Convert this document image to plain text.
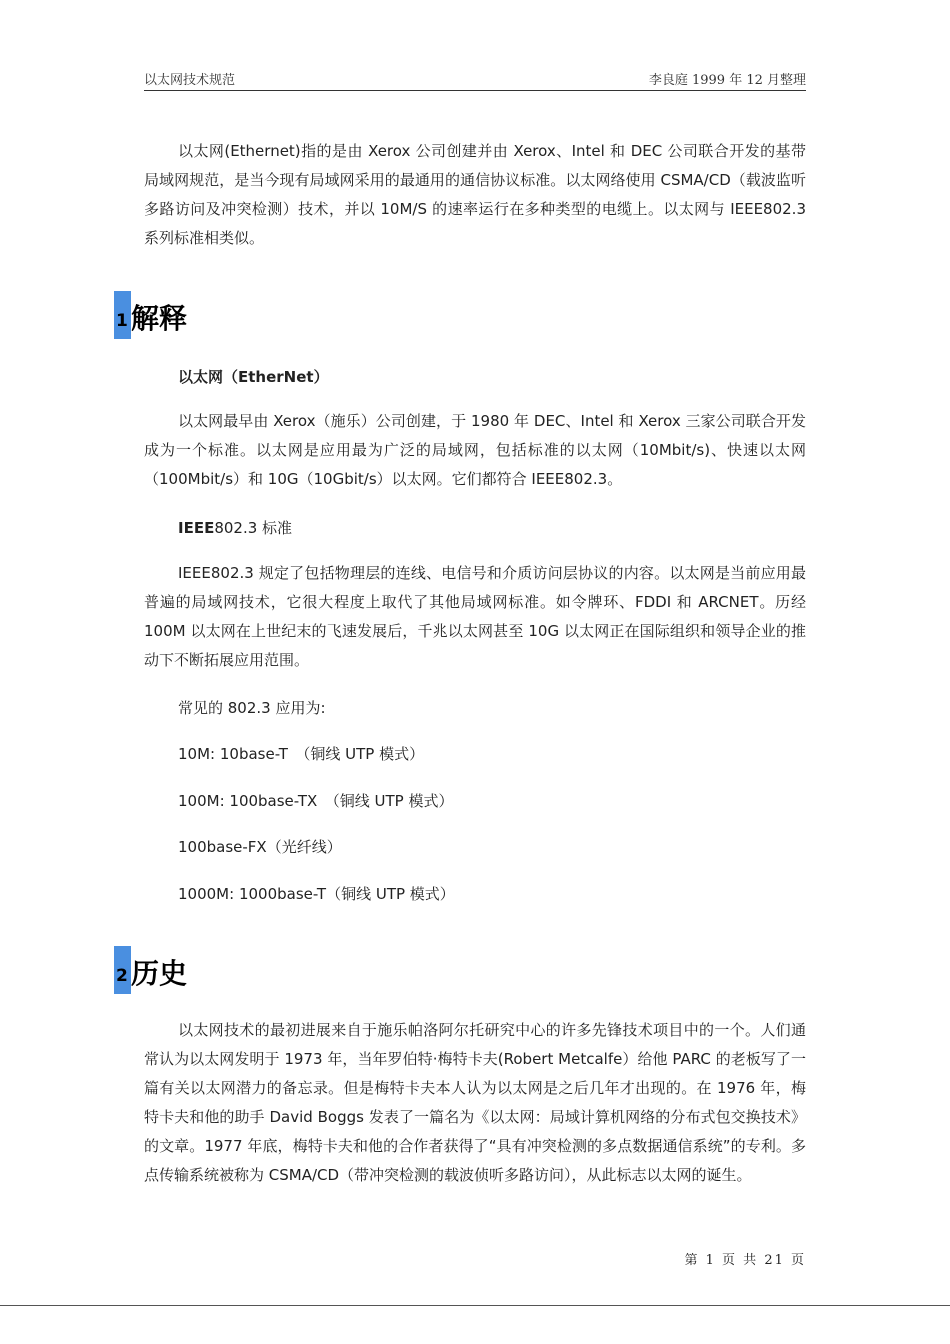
以太网技术规范	李良庭 1999 年 12 月整理

以太网(Ethernet)指的是由 Xerox 公司创建并由 Xerox、Intel 和 DEC 公司联合开发的基带局域网规范，是当今现有局域网采用的最通用的通信协议标准。以太网络使用 CSMA/CD（载波监听多路访问及冲突检测）技术，并以 10M/S 的速率运行在多种类型的电缆上。以太网与 IEEE802.3 系列标准相类似。

1 解释
以太网（EtherNet）

以太网最早由 Xerox（施乐）公司创建，于 1980 年 DEC、Intel 和 Xerox 三家公司联合开发成为一个标准。以太网是应用最为广泛的局域网，包括标准的以太网（10Mbit/s)、快速以太网（100Mbit/s）和 10G（10Gbit/s）以太网。它们都符合 IEEE802.3。

IEEE802.3 标准

IEEE802.3 规定了包括物理层的连线、电信号和介质访问层协议的内容。以太网是当前应用最普遍的局域网技术，它很大程度上取代了其他局域网标准。如令牌环、FDDI 和 ARCNET。历经 100M 以太网在上世纪末的飞速发展后，千兆以太网甚至 10G 以太网正在国际组织和领导企业的推动下不断拓展应用范围。

常见的 802.3 应用为:
10M: 10base-T　（铜线 UTP 模式）
100M: 100base-TX　（铜线 UTP 模式）
100base-FX（光纤线）
1000M: 1000base-T（铜线 UTP 模式）
2 历史

以太网技术的最初进展来自于施乐帕洛阿尔托研究中心的许多先锋技术项目中的一个。人们通常认为以太网发明于 1973 年，当年罗伯特·梅特卡夫(Robert Metcalfe）给他 PARC 的老板写了一篇有关以太网潜力的备忘录。但是梅特卡夫本人认为以太网是之后几年才出现的。在 1976 年，梅特卡夫和他的助手 David Boggs 发表了一篇名为《以太网：局域计算机网络的分布式包交换技术》的文章。1977 年底，梅特卡夫和他的合作者获得了“具有冲突检测的多点数据通信系统”的专利。多点传输系统被称为 CSMA/CD（带冲突检测的载波侦听多路访问），从此标志以太网的诞生。

第 1 页 共 21 页
